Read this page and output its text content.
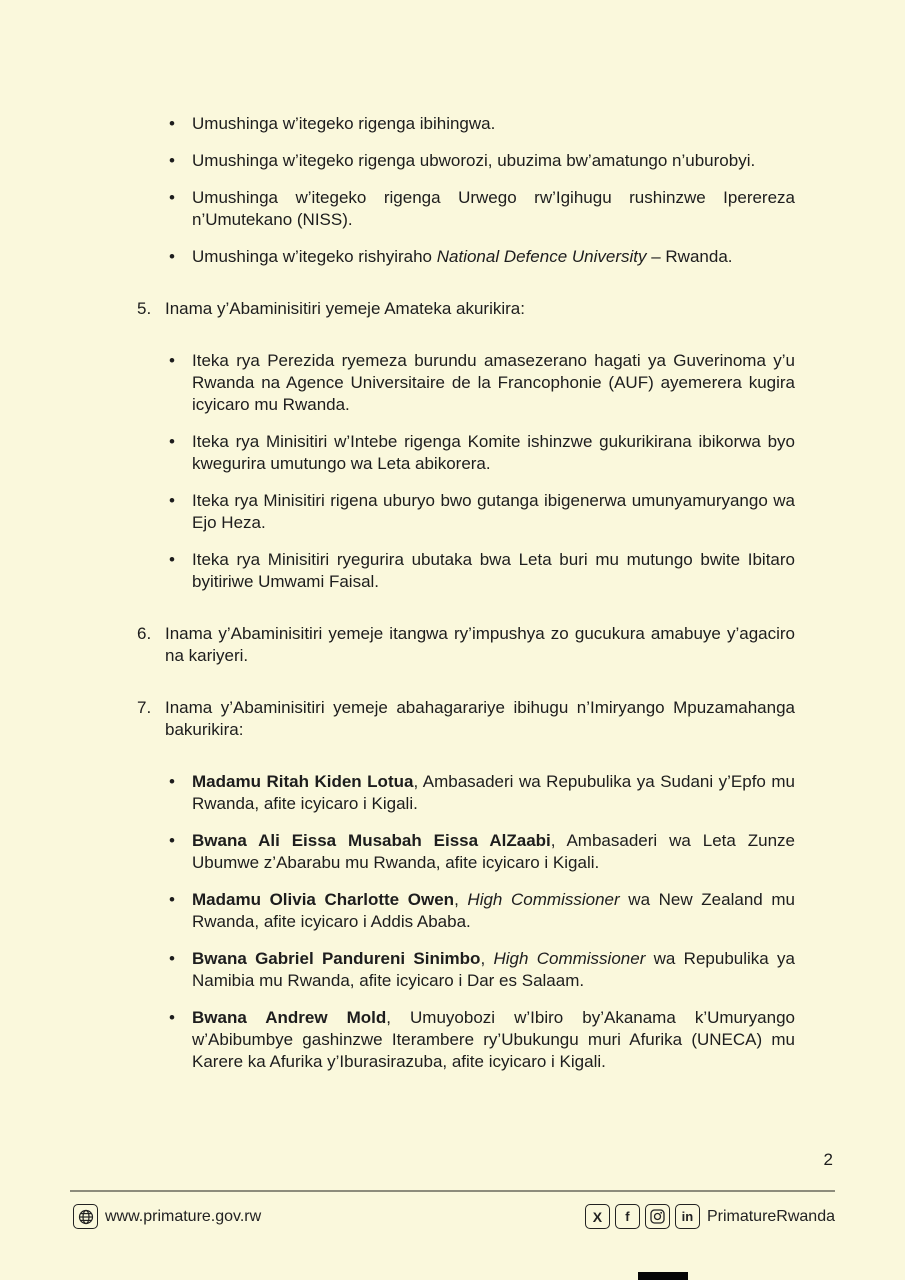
• Umushinga w’itegeko rigenga ibihingwa.
• Umushinga w’itegeko rigenga ubworozi, ubuzima bw’amatungo n’uburobyi.
• Umushinga w’itegeko rigenga Urwego rw’Igihugu rushinzwe Iperereza n’Umutekano (NISS).
• Umushinga w’itegeko rishyiraho National Defence University – Rwanda.
5. Inama y’Abaminisitiri yemeje Amateka akurikira:

• Iteka rya Perezida ryemeza burundu amasezerano hagati ya Guverinoma y’u Rwanda na Agence Universitaire de la Francophonie (AUF) ayemerera kugira icyicaro mu Rwanda.
• Iteka rya Minisitiri w’Intebe rigenga Komite ishinzwe gukurikirana ibikorwa byo kwegurira umutungo wa Leta abikorera.
• Iteka rya Minisitiri rigena uburyo bwo gutanga ibigenerwa umunyamuryango wa Ejo Heza.
• Iteka rya Minisitiri ryegurira ubutaka bwa Leta buri mu mutungo bwite Ibitaro byitiriwe Umwami Faisal.
6. Inama y’Abaminisitiri yemeje itangwa ry’impushya zo gucukura amabuye y’agaciro na kariyeri.

7. Inama y’Abaminisitiri yemeje abahagarariye ibihugu n’Imiryango Mpuzamahanga bakurikira:

• Madamu Ritah Kiden Lotua, Ambasaderi wa Repubulika ya Sudani y’Epfo mu Rwanda, afite icyicaro i Kigali.
• Bwana Ali Eissa Musabah Eissa AlZaabi, Ambasaderi wa Leta Zunze Ubumwe z’Abarabu mu Rwanda, afite icyicaro i Kigali.
• Madamu Olivia Charlotte Owen, High Commissioner wa New Zealand mu Rwanda, afite icyicaro i Addis Ababa.
• Bwana Gabriel Pandureni Sinimbo, High Commissioner wa Repubulika ya Namibia mu Rwanda, afite icyicaro i Dar es Salaam.
• Bwana Andrew Mold, Umuyobozi w’Ibiro by’Akanama k’Umuryango w’Abibumbye gashinzwe Iterambere ry’Ubukungu muri Afurika (UNECA) mu Karere ka Afurika y’Iburasirazuba, afite icyicaro i Kigali.
2
www.primature.gov.rw	X	f	in PrimatureRwanda
